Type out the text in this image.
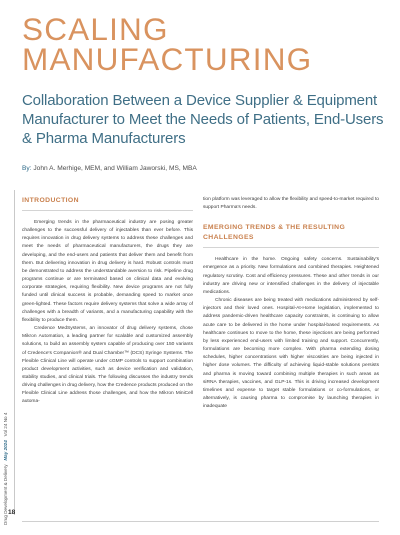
SCALING
MANUFACTURING
Collaboration Between a Device Supplier & Equipment Manufacturer to Meet the Needs of Patients, End-Users & Pharma Manufacturers
By: John A. Merhige, MEM, and William Jaworski, MS, MBA
Drug Development & Delivery   May 2024   Vol 24 No 4
INTRODUCTION

Emerging trends in the pharmaceutical industry are posing greater challenges to the successful delivery of injectables than ever before. This requires innovation in drug delivery systems to address these challenges and meet the needs of pharmaceutical manufacturers, the drugs they are developing, and the end-users and patients that deliver them and benefit from them. But delivering innovation in drug delivery is hard. Robust controls must be demonstrated to address the understandable aversion to risk. Pipeline drug programs continue or are terminated based on clinical data and evolving corporate strategies, requiring flexibility. New device programs are not fully funded until clinical success is probable, demanding speed to market once green-lighted. These factors require delivery systems that solve a wide array of challenges with a breadth of variants, and a manufacturing capability with the flexibility to produce them.

Credence MedSystems, an innovator of drug delivery systems, chose Mikron Automation, a leading partner for scalable and customized assembly solutions, to build an assembly system capable of producing over 150 variants of Credence's Companion® and Dual Chamber™ (DCS) Syringe Systems. The Flexible Clinical Line will operate under cGMP controls to support combination product development activities, such as device verification and validation, stability studies, and clinical trials. The following discusses the industry trends driving challenges in drug delivery, how the Credence products produced on the Flexible Clinical Line address those challenges, and how the Mikron MiniCell automa-

tion platform was leveraged to allow the flexibility and speed-to-market required to support Pharma's needs.

EMERGING TRENDS & THE RESULTING CHALLENGES

Healthcare in the home. Ongoing safety concerns. Sustainability's emergence as a priority. New formulations and combined therapies. Heightened regulatory scrutiny. Cost and efficiency pressures. These and other trends in our industry are driving new or intensified challenges in the delivery of injectable medications.

Chronic diseases are being treated with medications administered by self-injectors and their loved ones. Hospital-At-Home legislation, implemented to address pandemic-driven healthcare capacity constraints, is continuing to allow acute care to be delivered in the home under hospital-based requirements. As healthcare continues to move to the home, these injections are being performed by less experienced end-users with limited training and support. Concurrently, formulations are becoming more complex. With pharma extending dosing schedules, higher concentrations with higher viscosities are being injected in higher dose volumes. The difficulty of achieving liquid-stable solutions persists and pharma is moving toward combining multiple therapies in such areas as siRNA therapies, vaccines, and GLP-1s. This is driving increased development timelines and expense to target stable formulations or co-formulations, or alternatively, is causing pharma to compromise by launching therapies in inadequate

18
